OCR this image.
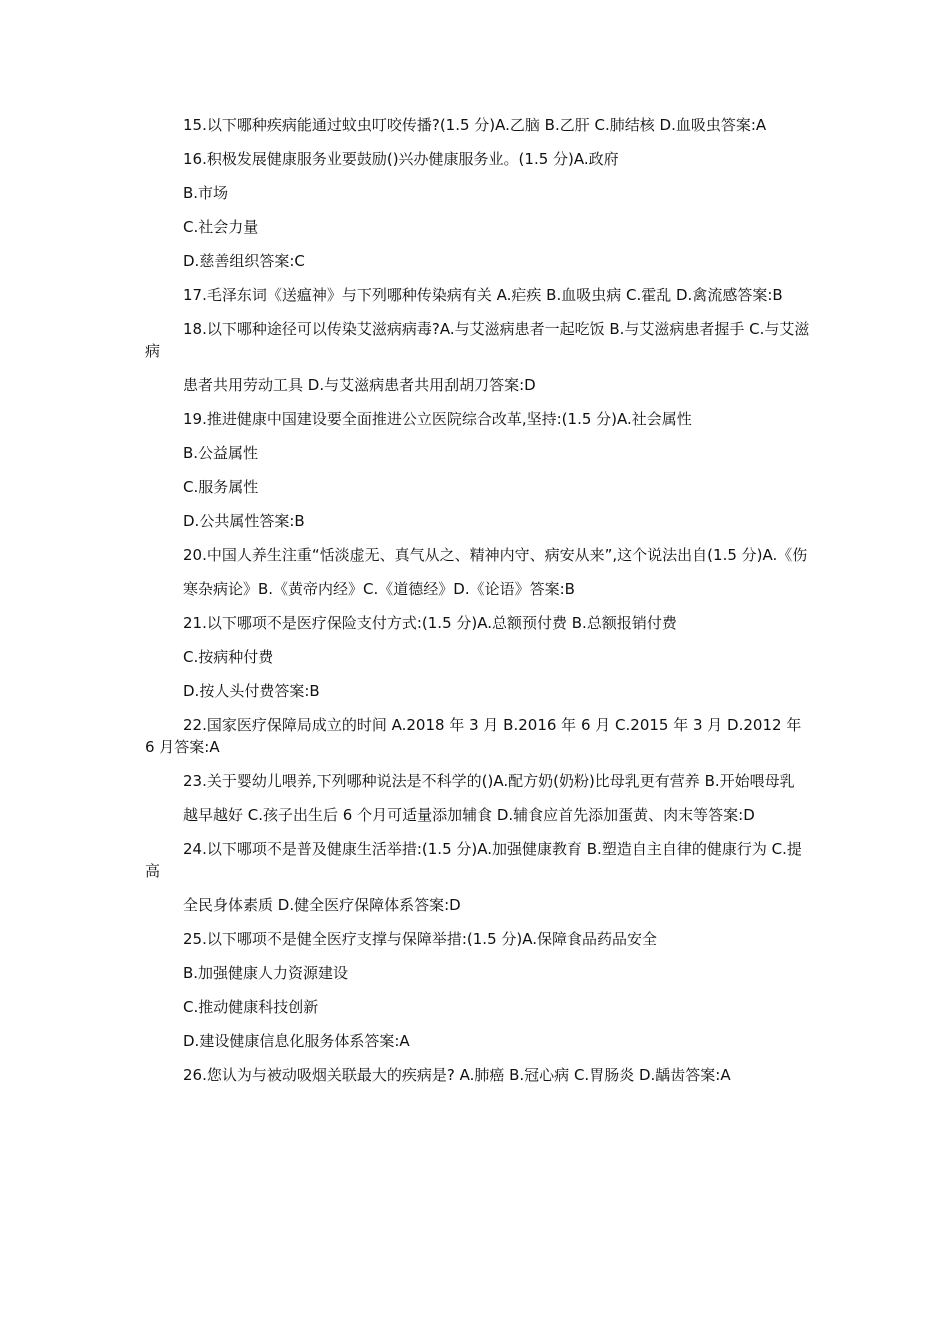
15.以下哪种疾病能通过蚊虫叮咬传播?(1.5 分)A.乙脑 B.乙肝 C.肺结核 D.血吸虫答案:A

16.积极发展健康服务业要鼓励()兴办健康服务业。(1.5 分)A.政府

B.市场

C.社会力量

D.慈善组织答案:C

17.毛泽东词《送瘟神》与下列哪种传染病有关 A.疟疾 B.血吸虫病 C.霍乱 D.禽流感答案:B

18.以下哪种途径可以传染艾滋病病毒?A.与艾滋病患者一起吃饭 B.与艾滋病患者握手 C.与艾滋病

患者共用劳动工具 D.与艾滋病患者共用刮胡刀答案:D

19.推进健康中国建设要全面推进公立医院综合改革,坚持:(1.5 分)A.社会属性

B.公益属性

C.服务属性

D.公共属性答案:B

20.中国人养生注重“恬淡虚无、真气从之、精神内守、病安从来”,这个说法出自(1.5 分)A.《伤

寒杂病论》B.《黄帝内经》C.《道德经》D.《论语》答案:B

21.以下哪项不是医疗保险支付方式:(1.5 分)A.总额预付费 B.总额报销付费

C.按病种付费

D.按人头付费答案:B

22.国家医疗保障局成立的时间 A.2018 年 3 月 B.2016 年 6 月 C.2015 年 3 月 D.2012 年 6 月答案:A

23.关于婴幼儿喂养,下列哪种说法是不科学的()A.配方奶(奶粉)比母乳更有营养 B.开始喂母乳

越早越好 C.孩子出生后 6 个月可适量添加辅食 D.辅食应首先添加蛋黄、肉末等答案:D

24.以下哪项不是普及健康生活举措:(1.5 分)A.加强健康教育 B.塑造自主自律的健康行为 C.提高

全民身体素质 D.健全医疗保障体系答案:D

25.以下哪项不是健全医疗支撑与保障举措:(1.5 分)A.保障食品药品安全

B.加强健康人力资源建设

C.推动健康科技创新

D.建设健康信息化服务体系答案:A

26.您认为与被动吸烟关联最大的疾病是? A.肺癌 B.冠心病 C.胃肠炎 D.龋齿答案:A
